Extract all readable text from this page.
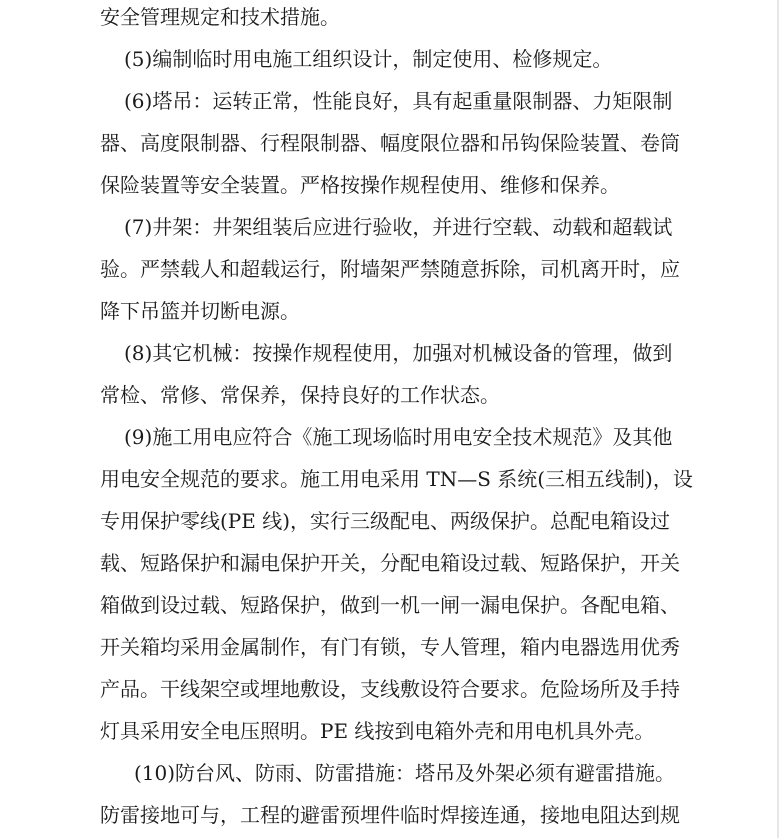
安全管理规定和技术措施。
(5)编制临时用电施工组织设计，制定使用、检修规定。
(6)塔吊：运转正常，性能良好，具有起重量限制器、力矩限制
器、高度限制器、行程限制器、幅度限位器和吊钩保险装置、卷筒
保险装置等安全装置。严格按操作规程使用、维修和保养。
(7)井架：井架组装后应进行验收，并进行空载、动载和超载试
验。严禁载人和超载运行，附墙架严禁随意拆除，司机离开时，应
降下吊篮并切断电源。
(8)其它机械：按操作规程使用，加强对机械设备的管理，做到
常检、常修、常保养，保持良好的工作状态。
(9)施工用电应符合《施工现场临时用电安全技术规范》及其他
用电安全规范的要求。施工用电采用 TN—S 系统(三相五线制)，设
专用保护零线(PE 线)，实行三级配电、两级保护。总配电箱设过
载、短路保护和漏电保护开关，分配电箱设过载、短路保护，开关
箱做到设过载、短路保护，做到一机一闸一漏电保护。各配电箱、
开关箱均采用金属制作，有门有锁，专人管理，箱内电器选用优秀
产品。干线架空或埋地敷设，支线敷设符合要求。危险场所及手持
灯具采用安全电压照明。PE 线按到电箱外壳和用电机具外壳。
(10)防台风、防雨、防雷措施：塔吊及外架必须有避雷措施。
防雷接地可与，工程的避雷预埋件临时焊接连通，接地电阻达到规
